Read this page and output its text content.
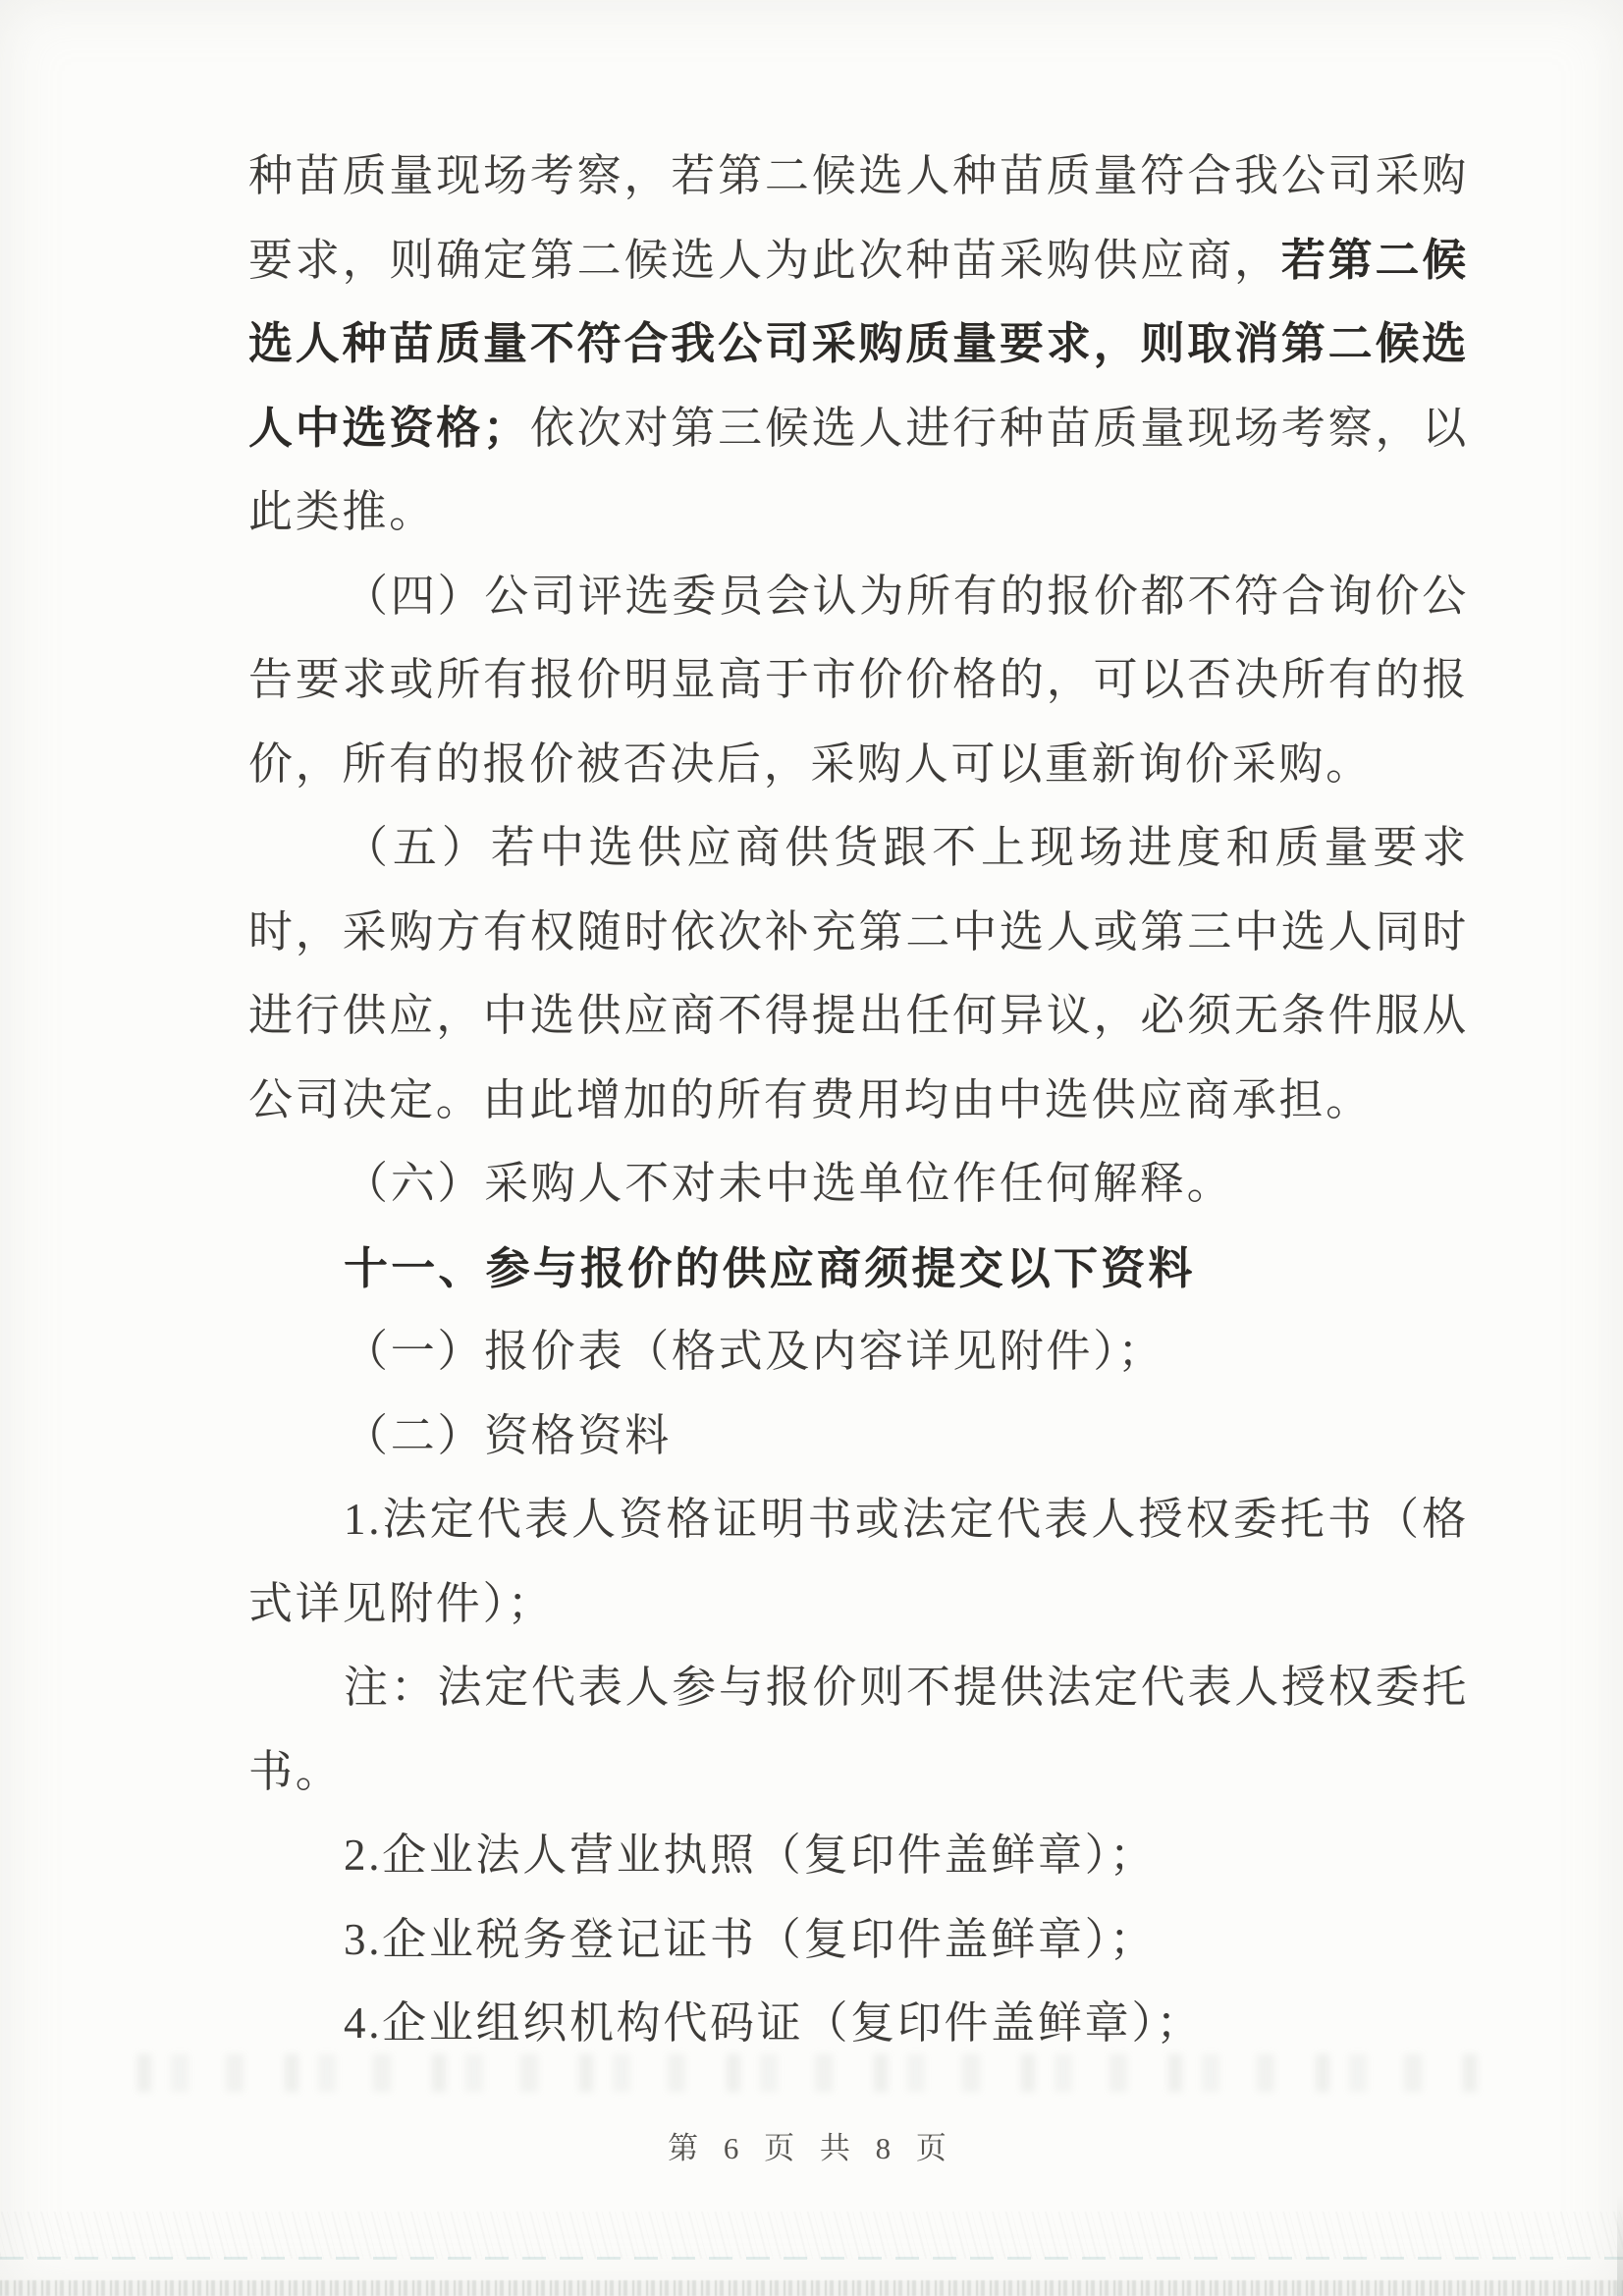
种苗质量现场考察，若第二候选人种苗质量符合我公司采购要求，则确定第二候选人为此次种苗采购供应商，若第二候选人种苗质量不符合我公司采购质量要求，则取消第二候选人中选资格；依次对第三候选人进行种苗质量现场考察，以此类推。

（四）公司评选委员会认为所有的报价都不符合询价公告要求或所有报价明显高于市价价格的，可以否决所有的报价，所有的报价被否决后，采购人可以重新询价采购。

（五）若中选供应商供货跟不上现场进度和质量要求时，采购方有权随时依次补充第二中选人或第三中选人同时进行供应，中选供应商不得提出任何异议，必须无条件服从公司决定。由此增加的所有费用均由中选供应商承担。

（六）采购人不对未中选单位作任何解释。

十一、参与报价的供应商须提交以下资料

（一）报价表（格式及内容详见附件）；

（二）资格资料

1.法定代表人资格证明书或法定代表人授权委托书（格式详见附件）；

注：法定代表人参与报价则不提供法定代表人授权委托书。

2.企业法人营业执照（复印件盖鲜章）；

3.企业税务登记证书（复印件盖鲜章）；

4.企业组织机构代码证（复印件盖鲜章）；

第 6 页 共 8 页
